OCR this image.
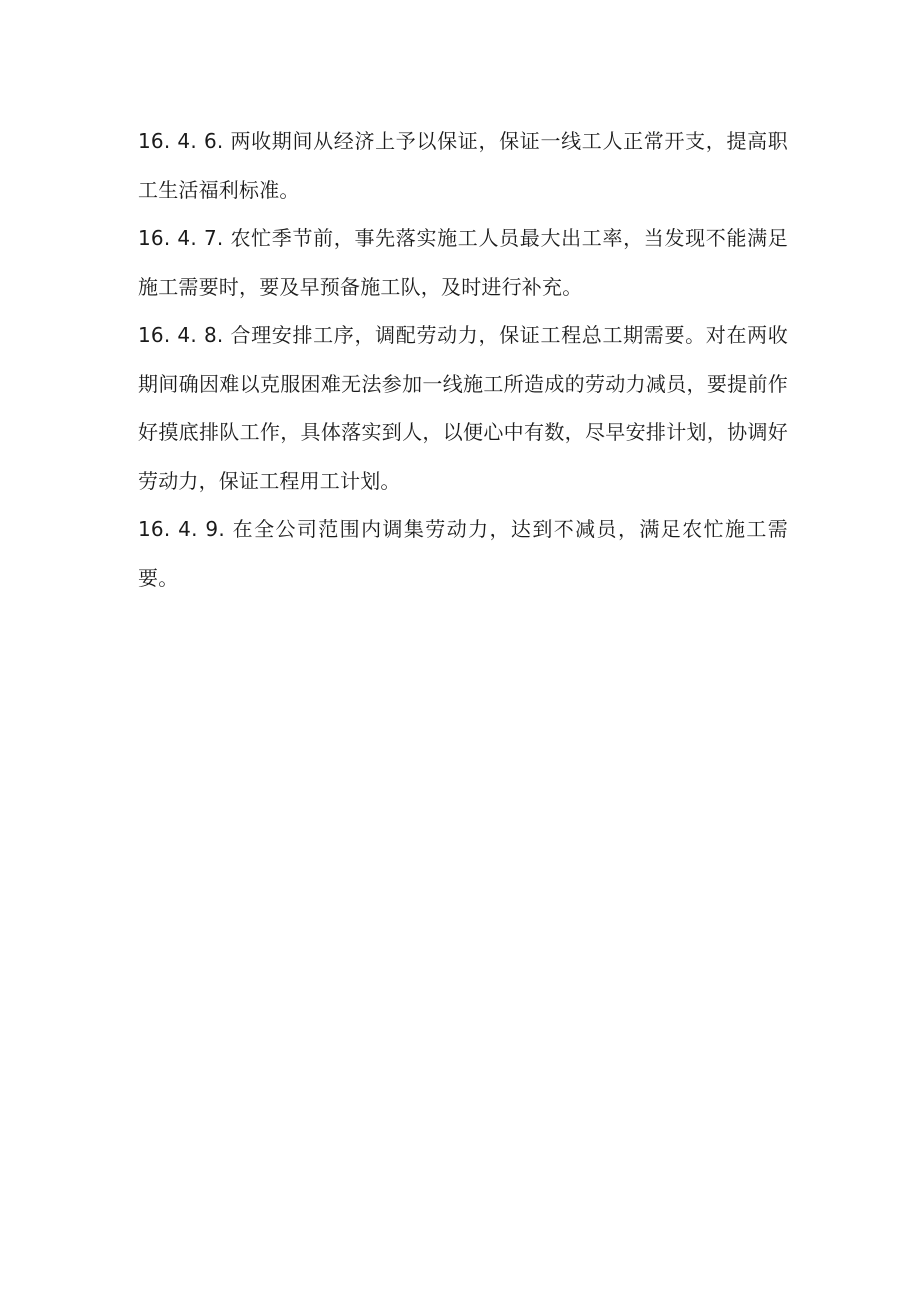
16. 4. 6. 两收期间从经济上予以保证，保证一线工人正常开支，提高职工生活福利标准。

16. 4. 7. 农忙季节前，事先落实施工人员最大出工率，当发现不能满足施工需要时，要及早预备施工队，及时进行补充。

16. 4. 8. 合理安排工序，调配劳动力，保证工程总工期需要。对在两收期间确因难以克服困难无法参加一线施工所造成的劳动力减员，要提前作好摸底排队工作，具体落实到人，以便心中有数，尽早安排计划，协调好劳动力，保证工程用工计划。

16. 4. 9. 在全公司范围内调集劳动力，达到不减员，满足农忙施工需要。
